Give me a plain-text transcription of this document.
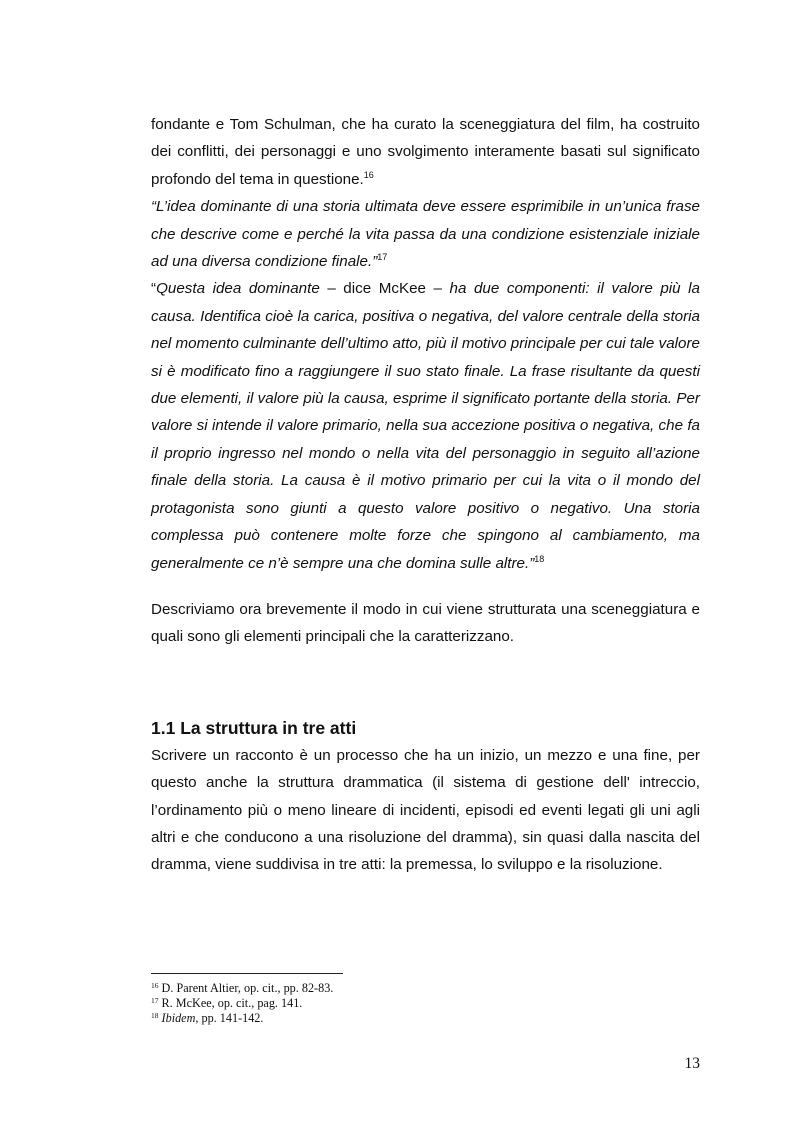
fondante e Tom Schulman, che ha curato la sceneggiatura del film, ha costruito dei conflitti, dei personaggi e uno svolgimento interamente basati sul significato profondo del tema in questione.$^{16}$

“L’idea dominante di una storia ultimata deve essere esprimibile in un’unica frase che descrive come e perché la vita passa da una condizione esistenziale iniziale ad una diversa condizione finale.”$^{17}$

“Questa idea dominante – dice McKee – ha due componenti: il valore più la causa. Identifica cioè la carica, positiva o negativa, del valore centrale della storia nel momento culminante dell’ultimo atto, più il motivo principale per cui tale valore si è modificato fino a raggiungere il suo stato finale. La frase risultante da questi due elementi, il valore più la causa, esprime il significato portante della storia. Per valore si intende il valore primario, nella sua accezione positiva o negativa, che fa il proprio ingresso nel mondo o nella vita del personaggio in seguito all’azione finale della storia. La causa è il motivo primario per cui la vita o il mondo del protagonista sono giunti a questo valore positivo o negativo. Una storia complessa può contenere molte forze che spingono al cambiamento, ma generalmente ce n’è sempre una che domina sulle altre.”$^{18}$

Descriviamo ora brevemente il modo in cui viene strutturata una sceneggiatura e quali sono gli elementi principali che la caratterizzano.

1.1 La struttura in tre atti

Scrivere un racconto è un processo che ha un inizio, un mezzo e una fine, per questo anche la struttura drammatica (il sistema di gestione dell' intreccio, l’ordinamento più o meno lineare di incidenti, episodi ed eventi legati gli uni agli altri e che conducono a una risoluzione del dramma), sin quasi dalla nascita del dramma, viene suddivisa in tre atti: la premessa, lo sviluppo e la risoluzione.

$^{16}$ D. Parent Altier, op. cit., pp. 82-83.
$^{17}$ R. McKee, op. cit., pag. 141.
$^{18}$ Ibidem, pp. 141-142.
13
